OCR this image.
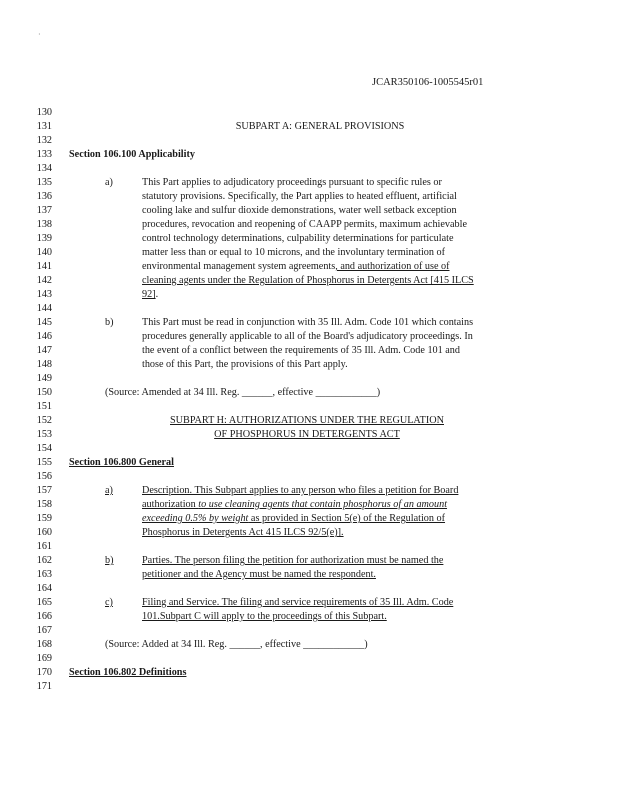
·
JCAR350106-1005545r01
130
131	SUBPART A: GENERAL PROVISIONS
132
133 Section 106.100 Applicability
134
135	a)	This Part applies to adjudicatory proceedings pursuant to specific rules or
136	statutory provisions. Specifically, the Part applies to heated effluent, artificial
137	cooling lake and sulfur dioxide demonstrations, water well setback exception
138	procedures, revocation and reopening of CAAPP permits, maximum achievable
139	control technology determinations, culpability determinations for particulate
140	matter less than or equal to 10 microns, and the involuntary termination of
141	environmental management system agreements, and authorization of use of
142	cleaning agents under the Regulation of Phosphorus in Detergents Act [415 ILCS
143	92].
144
145	b)	This Part must be read in conjunction with 35 Ill. Adm. Code 101 which contains
146	procedures generally applicable to all of the Board's adjudicatory proceedings. In
147	the event of a conflict between the requirements of 35 Ill. Adm. Code 101 and
148	those of this Part, the provisions of this Part apply.
149
150	(Source: Amended at 34 Ill. Reg. ______, effective ____________)
151
152	SUBPART H: AUTHORIZATIONS UNDER THE REGULATION
153	OF PHOSPHORUS IN DETERGENTS ACT
154
155 Section 106.800 General
156
157	a)	Description. This Subpart applies to any person who files a petition for Board
158	authorization to use cleaning agents that contain phosphorus of an amount
159	exceeding 0.5% by weight as provided in Section 5(e) of the Regulation of
160	Phosphorus in Detergents Act 415 ILCS 92/5(e)].
161
162	b)	Parties. The person filing the petition for authorization must be named the
163	petitioner and the Agency must be named the respondent.
164
165	c)	Filing and Service. The filing and service requirements of 35 Ill. Adm. Code
166	101.Subpart C will apply to the proceedings of this Subpart.
167
168	(Source: Added at 34 Ill. Reg. ______, effective ____________)
169
170 Section 106.802 Definitions
171
